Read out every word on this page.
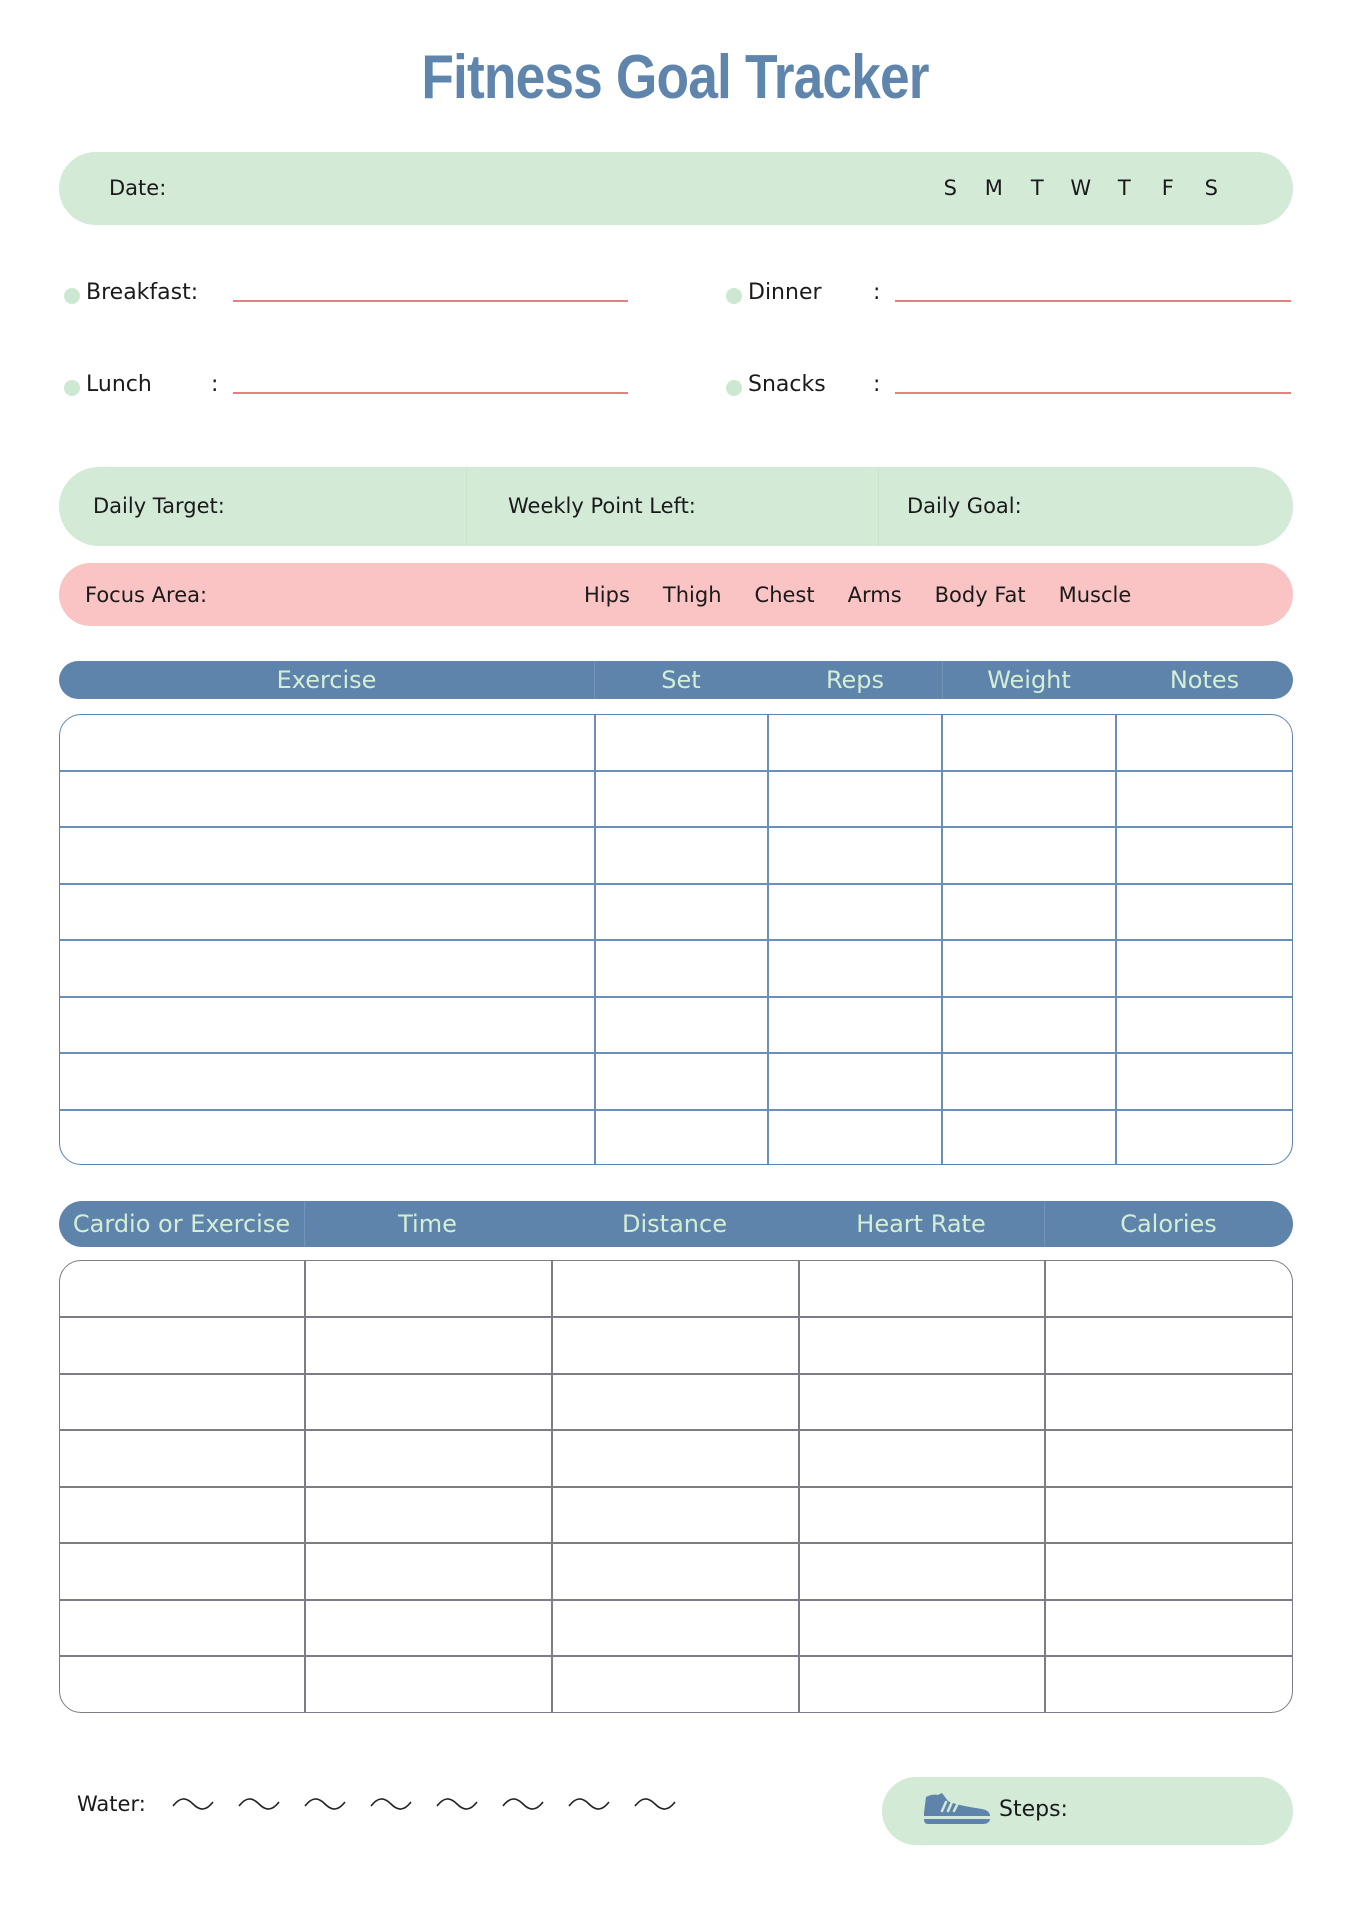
Fitness Goal Tracker
Date:	S	M	T	W	T	F	S
Breakfast:
Lunch	:
Dinner :
Snacks :
Daily Target:	Weekly Point Left:	Daily Goal:
Focus Area:	Hips Thigh Chest Arms Body Fat Muscle
Exercise	Set	Reps	Weight	Notes
Cardio or Exercise	Time	Distance	Heart Rate	Calories
Water:	Steps:
